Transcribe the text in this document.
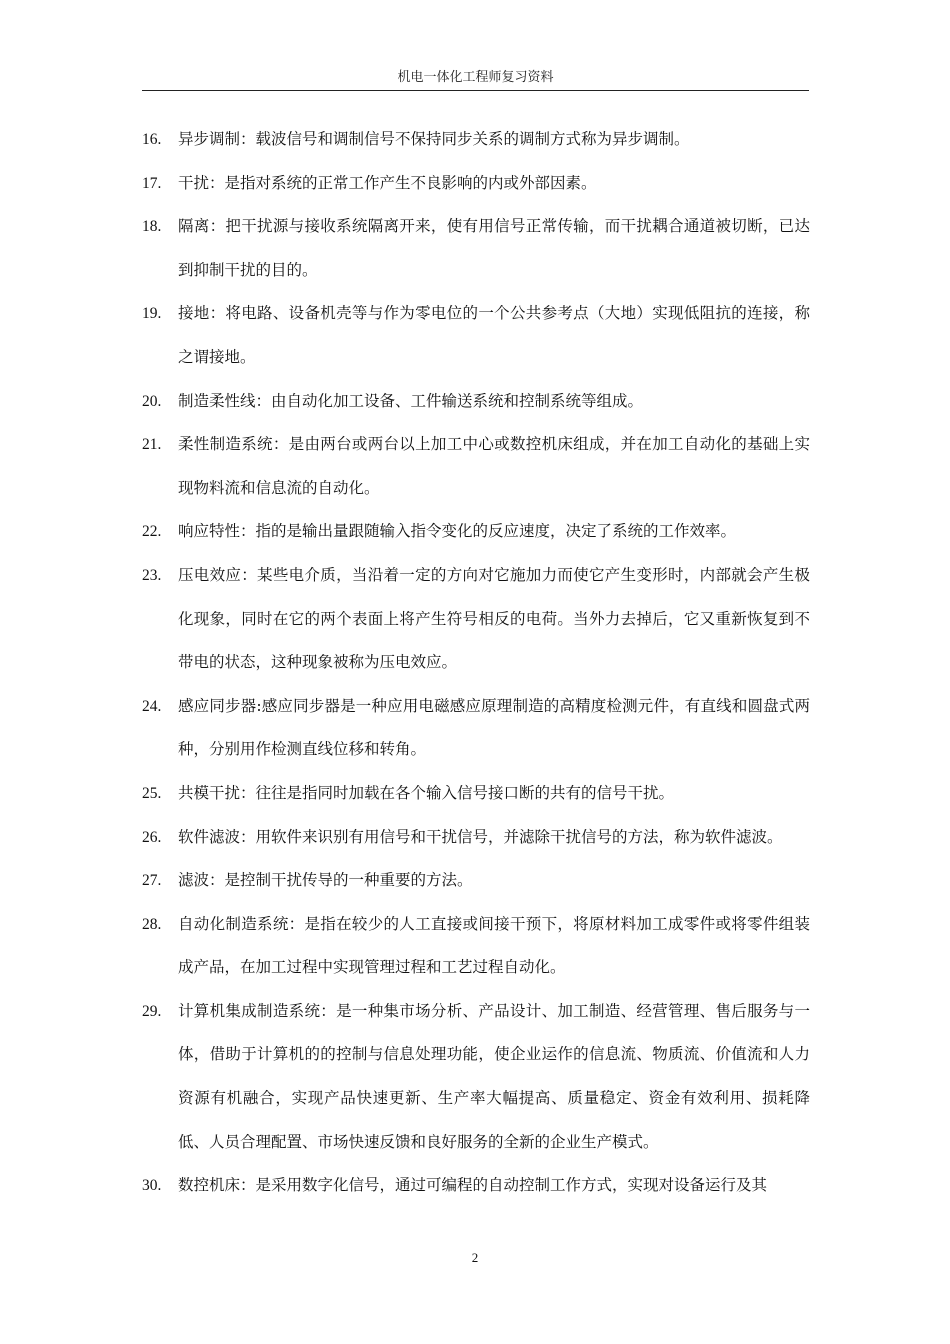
机电一体化工程师复习资料
16.	异步调制：载波信号和调制信号不保持同步关系的调制方式称为异步调制。
17.	干扰：是指对系统的正常工作产生不良影响的内或外部因素。
18.	隔离：把干扰源与接收系统隔离开来，使有用信号正常传输，而干扰耦合通道被切断，已达到抑制干扰的目的。
19.	接地：将电路、设备机壳等与作为零电位的一个公共参考点（大地）实现低阻抗的连接，称之谓接地。
20.	制造柔性线：由自动化加工设备、工件输送系统和控制系统等组成。
21.	柔性制造系统：是由两台或两台以上加工中心或数控机床组成，并在加工自动化的基础上实现物料流和信息流的自动化。
22.	响应特性：指的是输出量跟随输入指令变化的反应速度，决定了系统的工作效率。
23.	压电效应：某些电介质，当沿着一定的方向对它施加力而使它产生变形时，内部就会产生极化现象，同时在它的两个表面上将产生符号相反的电荷。当外力去掉后，它又重新恢复到不带电的状态，这种现象被称为压电效应。
24.	感应同步器:感应同步器是一种应用电磁感应原理制造的高精度检测元件，有直线和圆盘式两种，分别用作检测直线位移和转角。
25.	共模干扰：往往是指同时加载在各个输入信号接口断的共有的信号干扰。
26.	软件滤波：用软件来识别有用信号和干扰信号，并滤除干扰信号的方法，称为软件滤波。
27.	滤波：是控制干扰传导的一种重要的方法。
28.	自动化制造系统：是指在较少的人工直接或间接干预下，将原材料加工成零件或将零件组装成产品，在加工过程中实现管理过程和工艺过程自动化。
29.	计算机集成制造系统：是一种集市场分析、产品设计、加工制造、经营管理、售后服务与一体，借助于计算机的的控制与信息处理功能，使企业运作的信息流、物质流、价值流和人力资源有机融合，实现产品快速更新、生产率大幅提高、质量稳定、资金有效利用、损耗降低、人员合理配置、市场快速反馈和良好服务的全新的企业生产模式。
30.	数控机床：是采用数字化信号，通过可编程的自动控制工作方式，实现对设备运行及其
2
